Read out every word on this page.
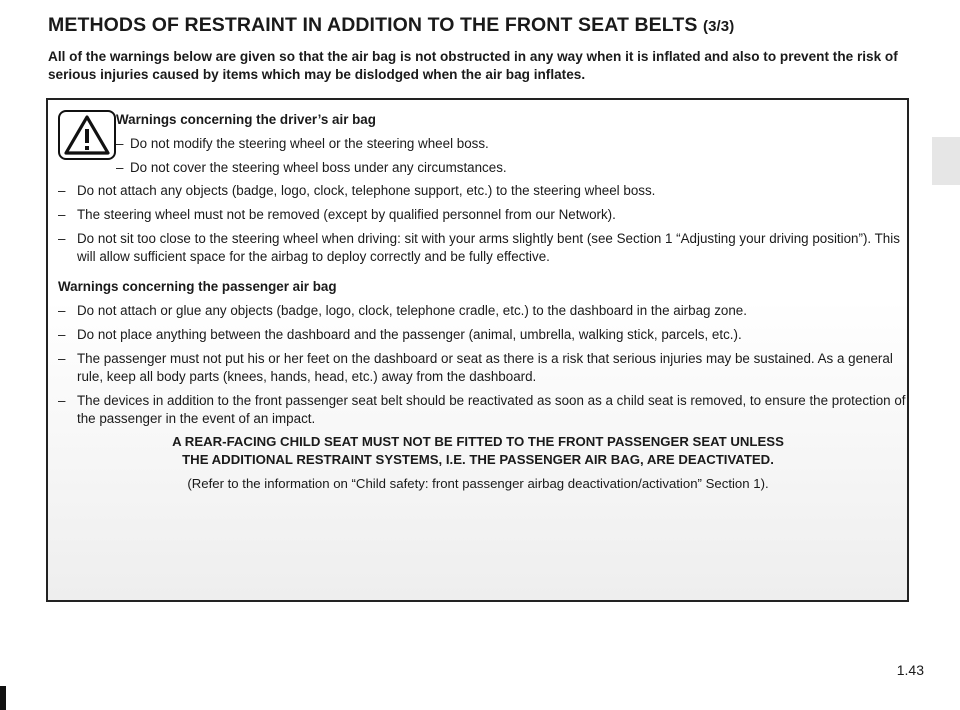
METHODS OF RESTRAINT IN ADDITION TO THE FRONT SEAT BELTS (3/3)

All of the warnings below are given so that the air bag is not obstructed in any way when it is inflated and also to prevent the risk of serious injuries caused by items which may be dislodged when the air bag inflates.

Warnings concerning the driver’s air bag

– Do not modify the steering wheel or the steering wheel boss.

– Do not cover the steering wheel boss under any circumstances.

– Do not attach any objects (badge, logo, clock, telephone support, etc.) to the steering wheel boss.

– The steering wheel must not be removed (except by qualified personnel from our Network).

– Do not sit too close to the steering wheel when driving: sit with your arms slightly bent (see Section 1 “Adjusting your driving position”). This will allow sufficient space for the airbag to deploy correctly and be fully effective.

Warnings concerning the passenger air bag

– Do not attach or glue any objects (badge, logo, clock, telephone cradle, etc.) to the dashboard in the airbag zone.

– Do not place anything between the dashboard and the passenger (animal, umbrella, walking stick, parcels, etc.).

– The passenger must not put his or her feet on the dashboard or seat as there is a risk that serious injuries may be sustained. As a general rule, keep all body parts (knees, hands, head, etc.) away from the dashboard.

– The devices in addition to the front passenger seat belt should be reactivated as soon as a child seat is removed, to ensure the protection of the passenger in the event of an impact.

A REAR-FACING CHILD SEAT MUST NOT BE FITTED TO THE FRONT PASSENGER SEAT UNLESS

THE ADDITIONAL RESTRAINT SYSTEMS, I.E. THE PASSENGER AIR BAG, ARE DEACTIVATED.

(Refer to the information on “Child safety: front passenger airbag deactivation/activation” Section 1).

1.43
